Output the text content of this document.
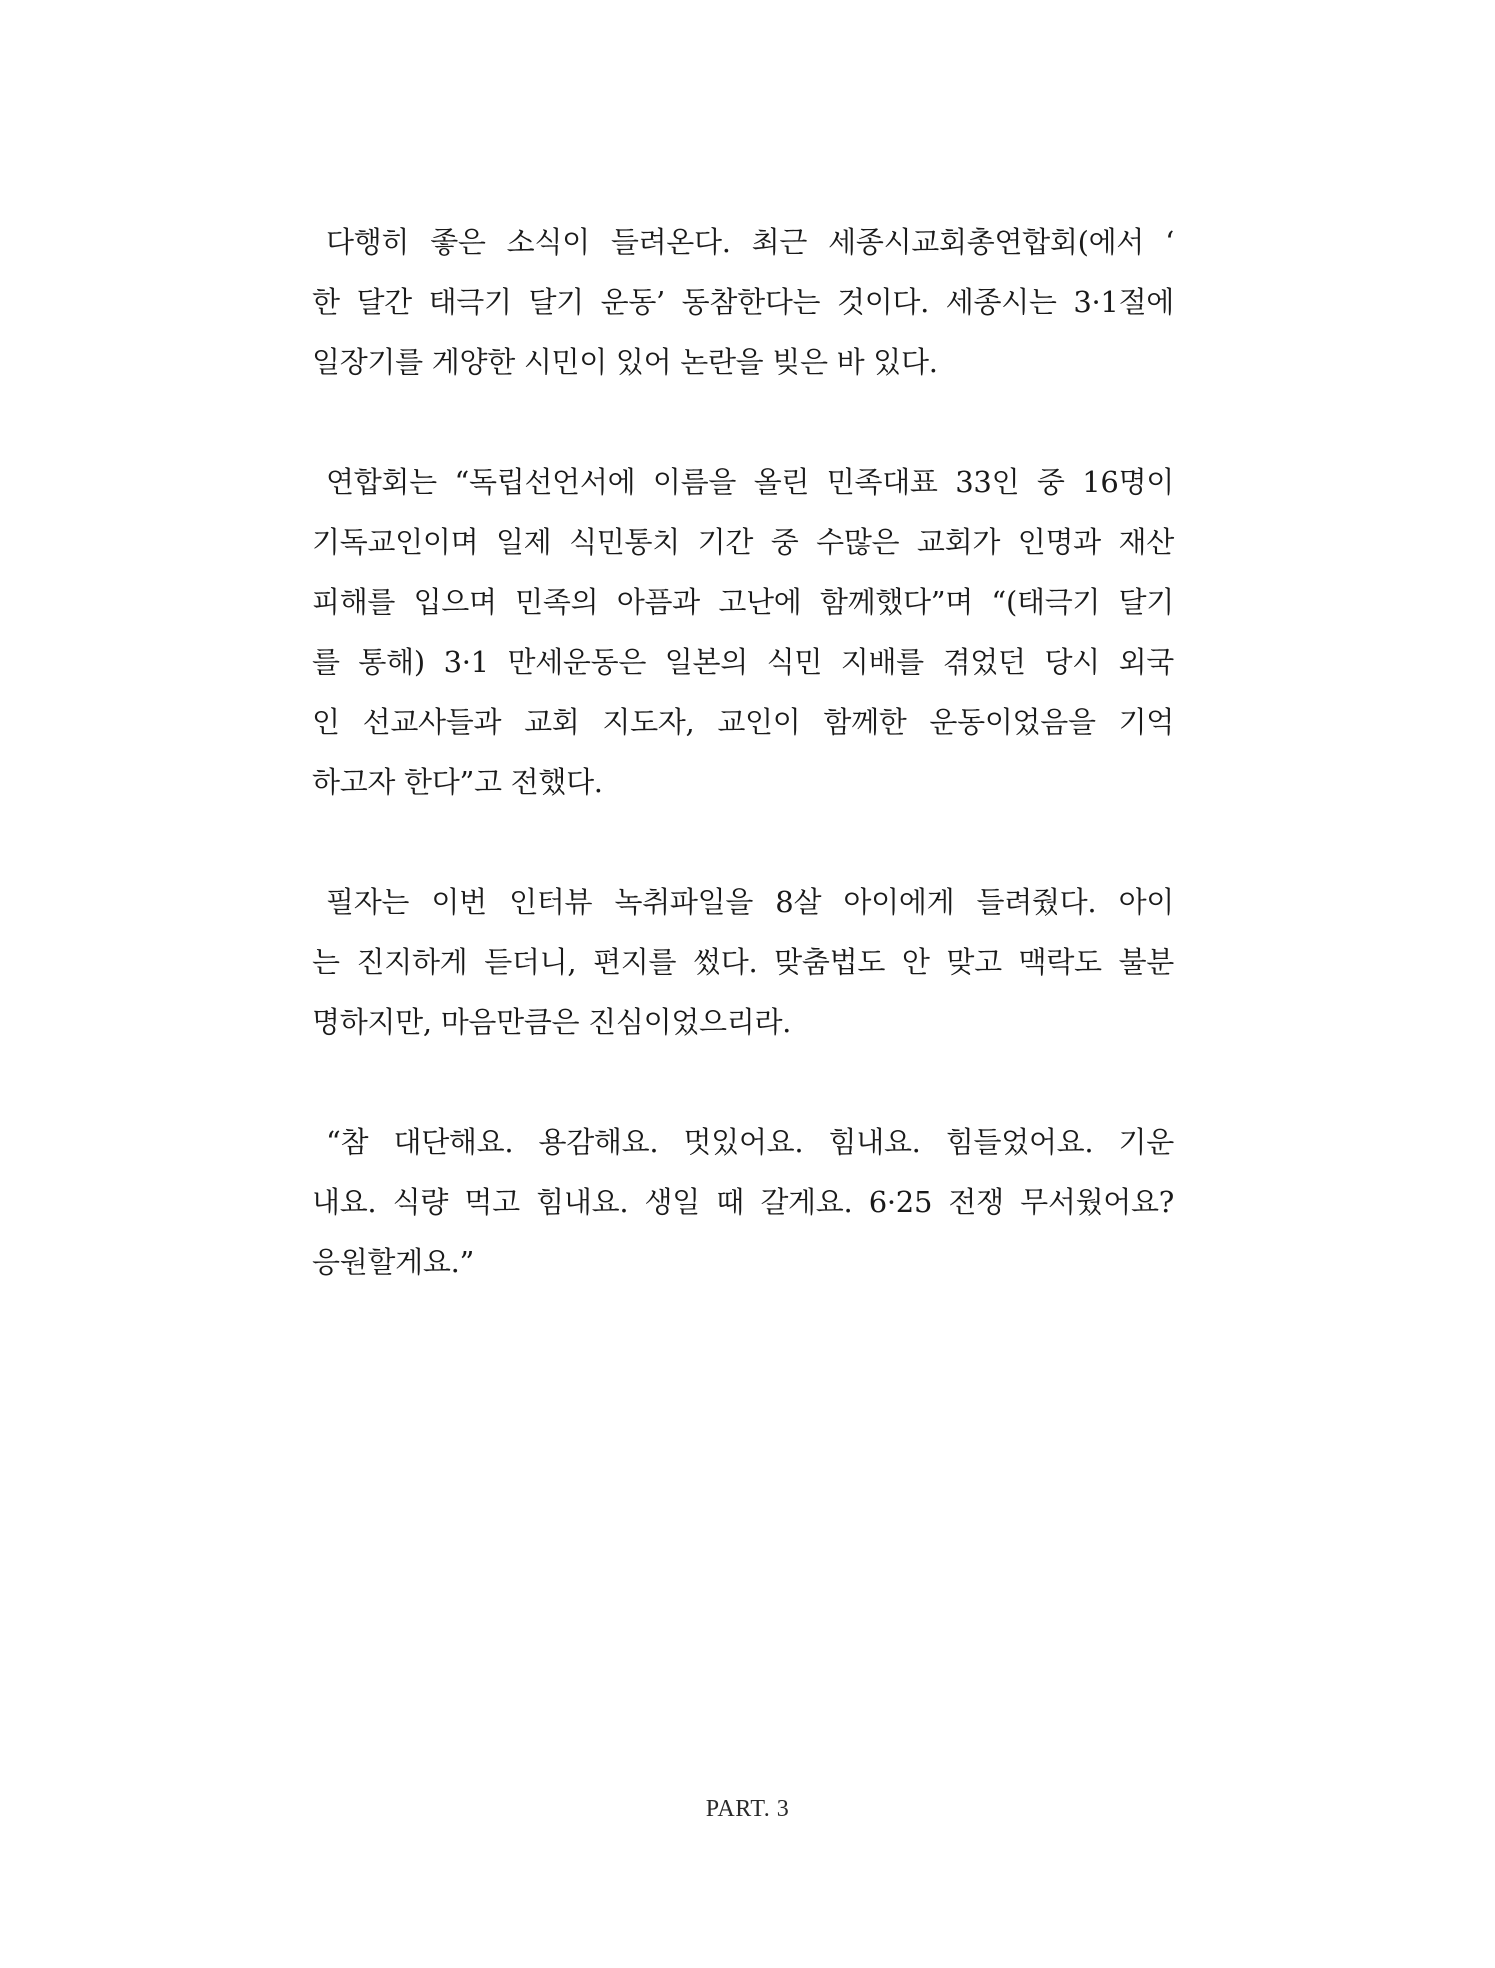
다행히 좋은 소식이 들려온다. 최근 세종시교회총연합회(에서 ‘
한 달간 태극기 달기 운동’ 동참한다는 것이다. 세종시는 3·1절에
일장기를 게양한 시민이 있어 논란을 빚은 바 있다.

연합회는 “독립선언서에 이름을 올린 민족대표 33인 중 16명이
기독교인이며 일제 식민통치 기간 중 수많은 교회가 인명과 재산
피해를 입으며 민족의 아픔과 고난에 함께했다”며 “(태극기 달기
를 통해) 3·1 만세운동은 일본의 식민 지배를 겪었던 당시 외국
인 선교사들과 교회 지도자, 교인이 함께한 운동이었음을 기억
하고자 한다”고 전했다.

필자는 이번 인터뷰 녹취파일을 8살 아이에게 들려줬다. 아이
는 진지하게 듣더니, 편지를 썼다. 맞춤법도 안 맞고 맥락도 불분
명하지만, 마음만큼은 진심이었으리라.

“참 대단해요. 용감해요. 멋있어요. 힘내요. 힘들었어요. 기운
내요. 식량 먹고 힘내요. 생일 때 갈게요. 6·25 전쟁 무서웠어요?
응원할게요.”

PART. 3
